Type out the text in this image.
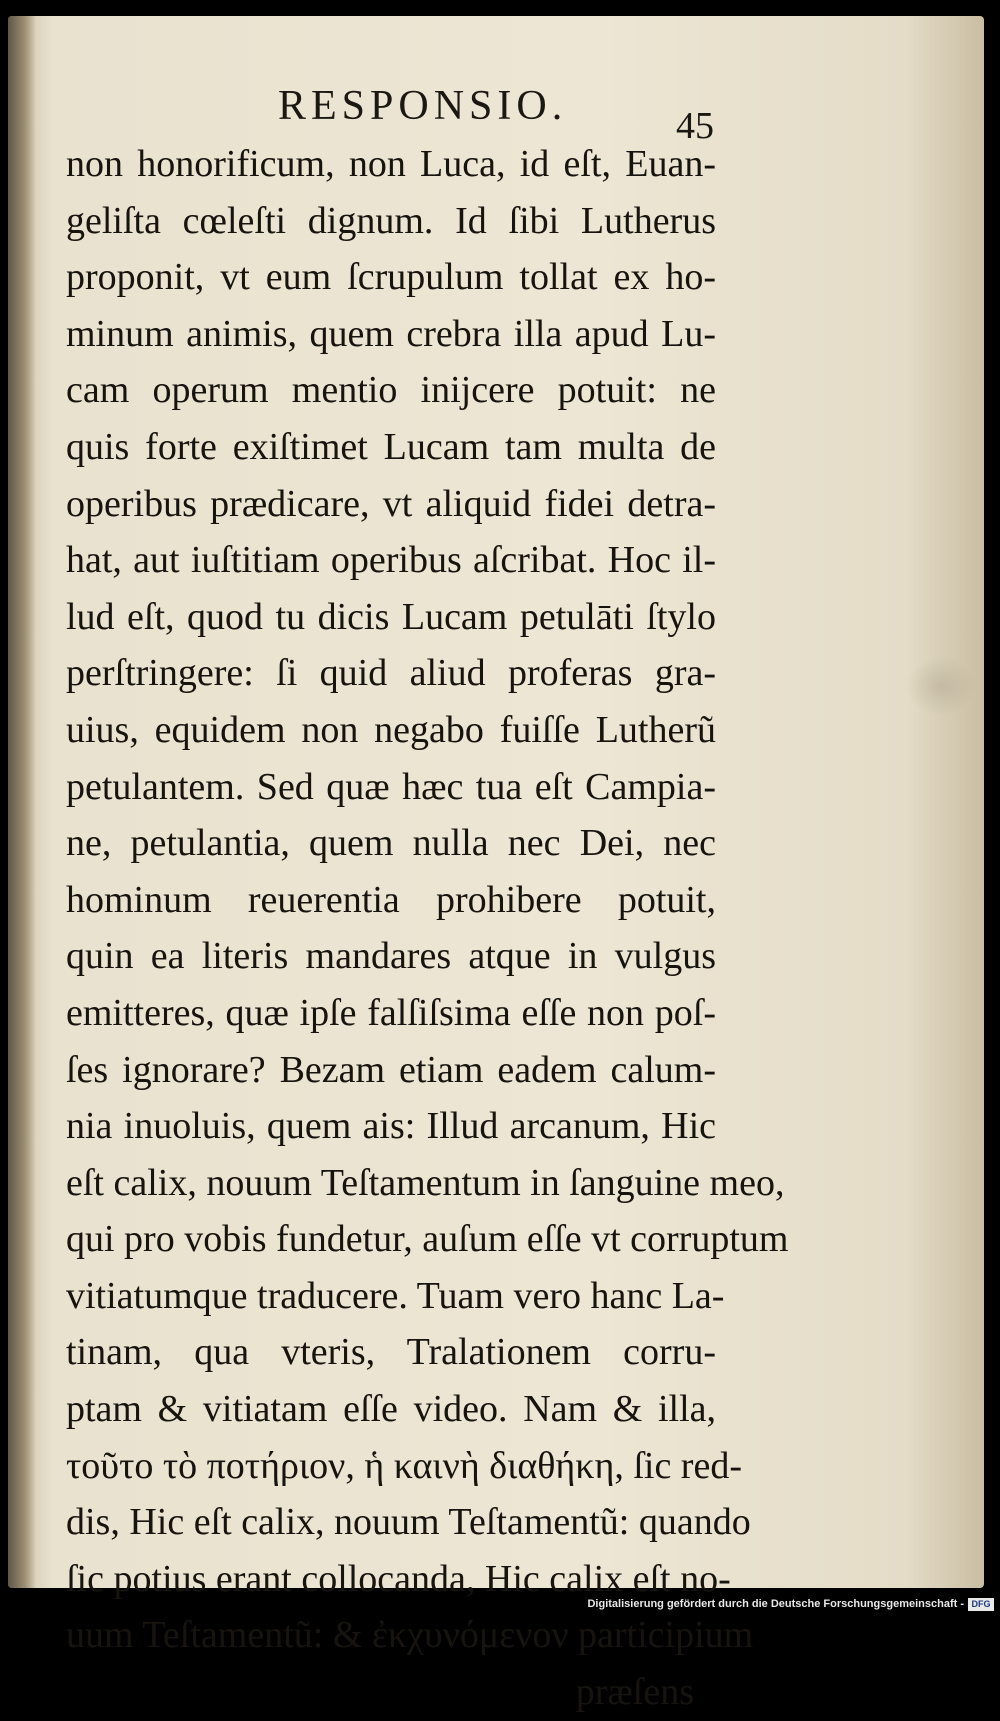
RESPONSIO.	45
non honorificum, non Luca, id eſt, Euan-
geliſta cœleſti dignum. Id ſibi Lutherus
proponit, vt eum ſcrupulum tollat ex ho-
minum animis, quem crebra illa apud Lu-
cam operum mentio inijcere potuit: ne
quis forte exiſtimet Lucam tam multa de
operibus prædicare, vt aliquid fidei detra-
hat, aut iuſtitiam operibus aſcribat. Hoc il-
lud eſt, quod tu dicis Lucam petulāti ſtylo
perſtringere: ſi quid aliud proferas gra-
uius, equidem non negabo fuiſſe Lutherũ
petulantem. Sed quæ hæc tua eſt Campia-
ne, petulantia, quem nulla nec Dei, nec
hominum reuerentia prohibere potuit,
quin ea literis mandares atque in vulgus
emitteres, quæ ipſe falſiſsima eſſe non poſ-
ſes ignorare? Bezam etiam eadem calum-
nia inuoluis, quem ais: Illud arcanum, Hic
eſt calix, nouum Teſtamentum in ſanguine meo,
qui pro vobis fundetur, auſum eſſe vt corruptum
vitiatumque traducere. Tuam vero hanc La-
tinam, qua vteris, Tralationem corru-
ptam & vitiatam eſſe video. Nam & illa,
τοῦτο τὸ ποτήριον, ἡ καινὴ διαθήκη, ſic red-
dis, Hic eſt calix, nouum Teſtamentũ: quando
ſic potius erant collocanda, Hic calix eſt no-
uum Teſtamentũ: & ἐκχυνόμενον participium
præſens
Digitalisierung gefördert durch die Deutsche Forschungsgemeinschaft - DFG
